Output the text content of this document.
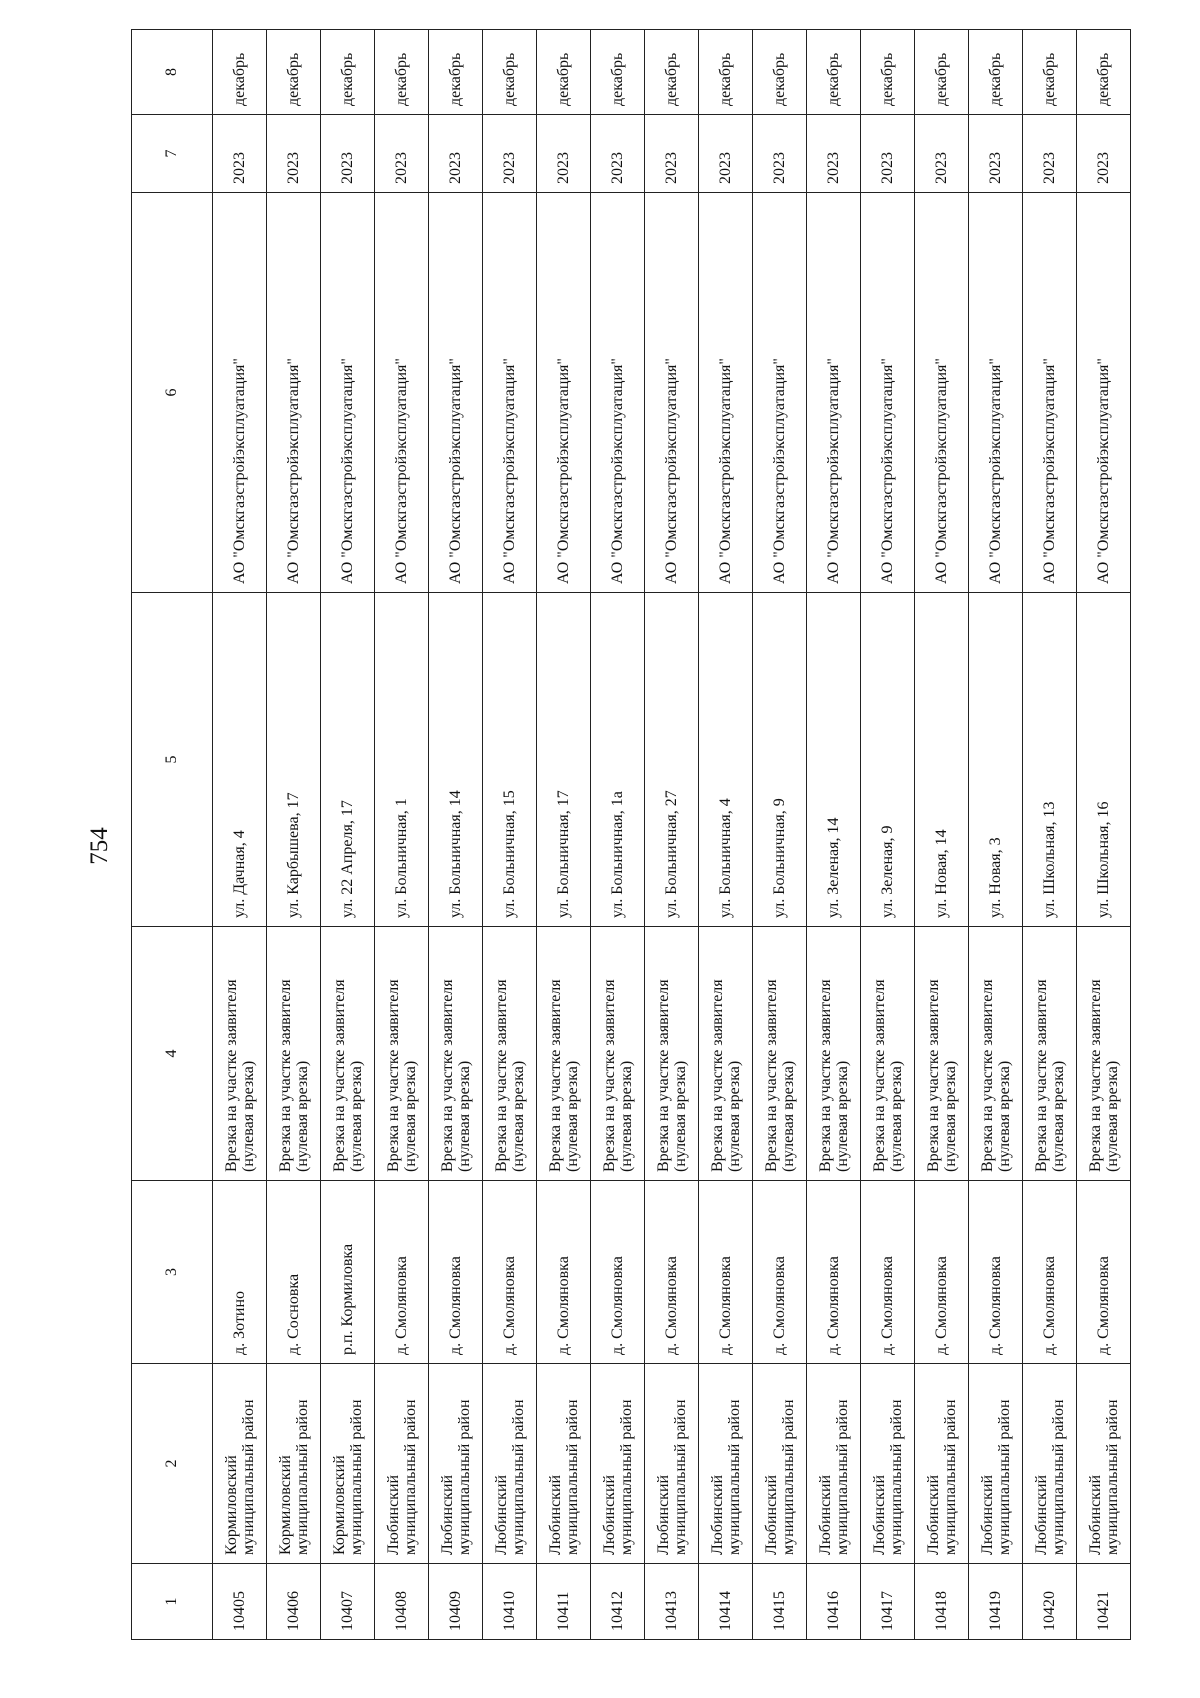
754
1	2	3	4	5	6	7	8
10405	Кормиловский муниципальный район	д. Зотино	Врезка на участке заявителя (нулевая врезка)	ул. Дачная, 4	АО "Омскгазстройэксплуатация"	2023	декабрь
10406	Кормиловский муниципальный район	д. Сосновка	Врезка на участке заявителя (нулевая врезка)	ул. Карбышева, 17	АО "Омскгазстройэксплуатация"	2023	декабрь
10407	Кормиловский муниципальный район	р.п. Кормиловка	Врезка на участке заявителя (нулевая врезка)	ул. 22 Апреля, 17	АО "Омскгазстройэксплуатация"	2023	декабрь
10408	Любинский муниципальный район	д. Смоляновка	Врезка на участке заявителя (нулевая врезка)	ул. Больничная, 1	АО "Омскгазстройэксплуатация"	2023	декабрь
10409	Любинский муниципальный район	д. Смоляновка	Врезка на участке заявителя (нулевая врезка)	ул. Больничная, 14	АО "Омскгазстройэксплуатация"	2023	декабрь
10410	Любинский муниципальный район	д. Смоляновка	Врезка на участке заявителя (нулевая врезка)	ул. Больничная, 15	АО "Омскгазстройэксплуатация"	2023	декабрь
10411	Любинский муниципальный район	д. Смоляновка	Врезка на участке заявителя (нулевая врезка)	ул. Больничная, 17	АО "Омскгазстройэксплуатация"	2023	декабрь
10412	Любинский муниципальный район	д. Смоляновка	Врезка на участке заявителя (нулевая врезка)	ул. Больничная, 1а	АО "Омскгазстройэксплуатация"	2023	декабрь
10413	Любинский муниципальный район	д. Смоляновка	Врезка на участке заявителя (нулевая врезка)	ул. Больничная, 27	АО "Омскгазстройэксплуатация"	2023	декабрь
10414	Любинский муниципальный район	д. Смоляновка	Врезка на участке заявителя (нулевая врезка)	ул. Больничная, 4	АО "Омскгазстройэксплуатация"	2023	декабрь
10415	Любинский муниципальный район	д. Смоляновка	Врезка на участке заявителя (нулевая врезка)	ул. Больничная, 9	АО "Омскгазстройэксплуатация"	2023	декабрь
10416	Любинский муниципальный район	д. Смоляновка	Врезка на участке заявителя (нулевая врезка)	ул. Зеленая, 14	АО "Омскгазстройэксплуатация"	2023	декабрь
10417	Любинский муниципальный район	д. Смоляновка	Врезка на участке заявителя (нулевая врезка)	ул. Зеленая, 9	АО "Омскгазстройэксплуатация"	2023	декабрь
10418	Любинский муниципальный район	д. Смоляновка	Врезка на участке заявителя (нулевая врезка)	ул. Новая, 14	АО "Омскгазстройэксплуатация"	2023	декабрь
10419	Любинский муниципальный район	д. Смоляновка	Врезка на участке заявителя (нулевая врезка)	ул. Новая, 3	АО "Омскгазстройэксплуатация"	2023	декабрь
10420	Любинский муниципальный район	д. Смоляновка	Врезка на участке заявителя (нулевая врезка)	ул. Школьная, 13	АО "Омскгазстройэксплуатация"	2023	декабрь
10421	Любинский муниципальный район	д. Смоляновка	Врезка на участке заявителя (нулевая врезка)	ул. Школьная, 16	АО "Омскгазстройэксплуатация"	2023	декабрь
